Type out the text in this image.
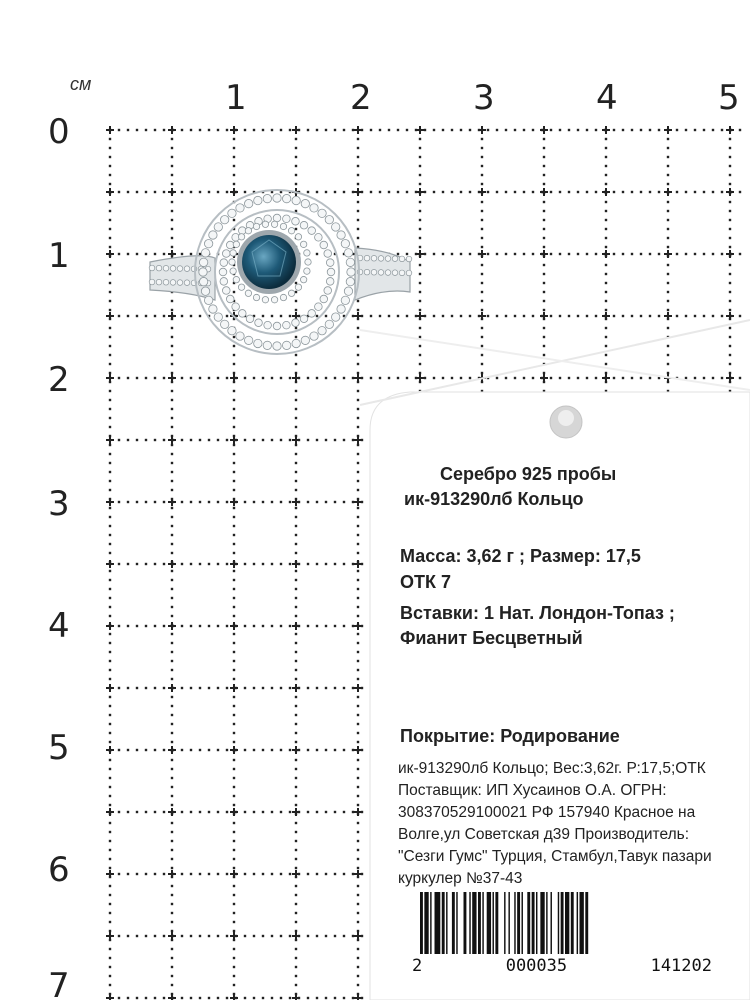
см	1	2	3	4	5
0
1
2
3
4
5
6
7
Серебро 925 пробы
ик-913290лб Кольцо
Масса: 3,62 г ; Размер: 17,5
ОТК 7
Вставки: 1 Нат. Лондон-Топаз ;
Фианит Бесцветный
Покрытие: Родирование
ик-913290лб Кольцо; Вес:3,62г. Р:17,5;ОТК
Поставщик: ИП Хусаинов О.А. ОГРН:
308370529100021 РФ 157940 Красное на
Волге,ул Советская д39 Производитель:
"Сезги Гумс" Турция, Стамбул,Тавук пазари
куркулер №37-43
2	000035	141202
